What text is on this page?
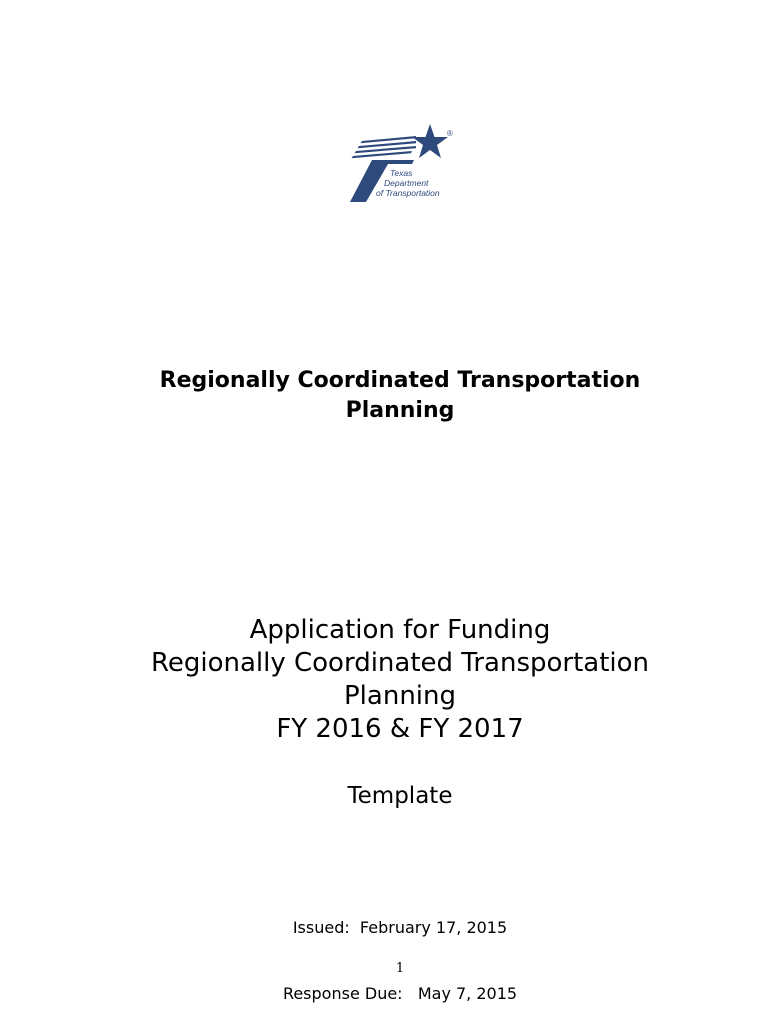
Texas
Department
of Transportation
®
Regionally Coordinated Transportation
Planning
Application for Funding
Regionally Coordinated Transportation
Planning
FY 2016 & FY 2017
Template

Issued: February 17, 2015

Response Due: May 7, 2015

1
